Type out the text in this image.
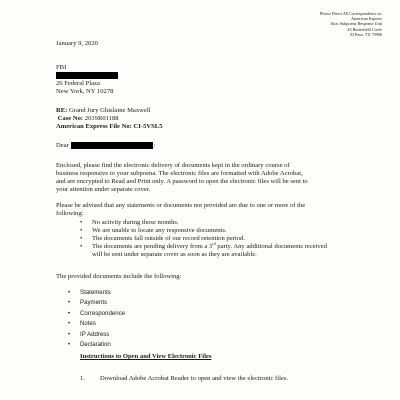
Please Direct All Correspondence to:
American Express
Attn: Subpoena Response Unit
43 Butterfield Circle
El Paso, TX 79906
January 9, 2020
FBI
26 Federal Plaza
New York, NY 10278
RE: Grand Jury Ghislaine Maxwell
Case No: 2019R01188
American Express File No: CI-5VSL5
Dear	:
Enclosed, please find the electronic delivery of documents kept in the ordinary course of
business responsive to your subpoena. The electronic files are formatted with Adobe Acrobat,
and are encrypted to Read and Print only. A password to open the electronic files will be sent to
your attention under separate cover.
Please be advised that any statements or documents not provided are due to one or more of the
following:
• No activity during those months.
• We are unable to locate any responsive documents.
• The documents fall outside of our record retention period.
• The documents are pending delivery from a 3rd party. Any additional documents received
will be sent under separate cover as soon as they are available.
The provided documents include the following:
• Statements
• Payments
• Correspondence
• Notes
• IP Address
• Declaration
Instructions to Open and View Electronic Files
1. Download Adobe Acrobat Reader to open and view the electronic files.
